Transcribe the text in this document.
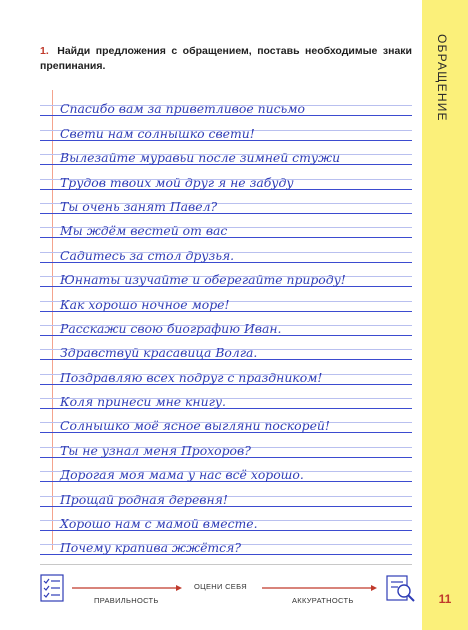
ОБРАЩЕНИЕ
11
1. Найди предложения с обращением, поставь необходимые знаки препинания.
Спасибо вам за приветливое письмо
Свети нам солнышко свети!
Вылезайте муравьи после зимней стужи
Трудов твоих мой друг я не забуду
Ты очень занят Павел?
Мы ждём вестей от вас
Садитесь за стол друзья.
Юннаты изучайте и оберегайте природу!
Как хорошо ночное море!
Расскажи свою биографию Иван.
Здравствуй красавица Волга.
Поздравляю всех подруг с праздником!
Коля принеси мне книгу.
Солнышко моё ясное выгляни поскорей!
Ты не узнал меня Прохоров?
Дорогая моя мама у нас всё хорошо.
Прощай родная деревня!
Хорошо нам с мамой вместе.
Почему крапива жжётся?
ПРАВИЛЬНОСТЬ
ОЦЕНИ СЕБЯ
АККУРАТНОСТЬ
